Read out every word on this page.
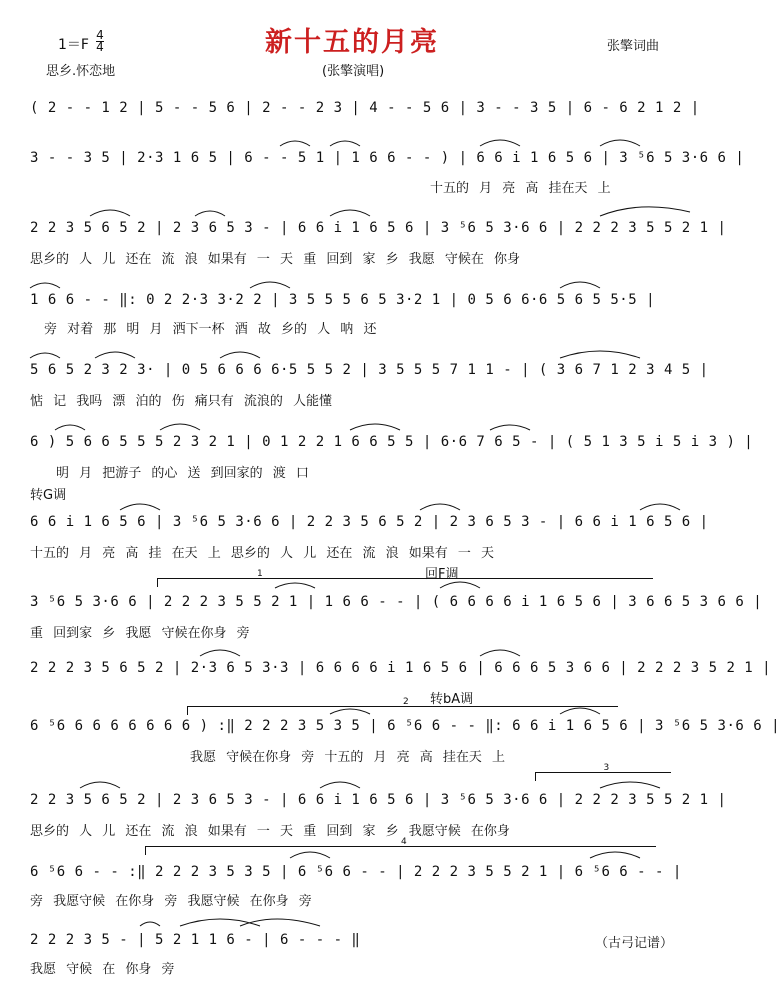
1＝F
4
4	新十五的月亮	张擎词曲
思乡.怀恋地	(张擎演唱)
( 2 - - 1 2 | 5 - - 5 6 | 2 - - 2 3 | 4 - - 5 6 | 3 - - 3 5 | 6 - 6 2 1 2 |
3 - - 3 5 | 2·3 1 6 5 | 6 - - 5 1 | 1 6 6 - - ) | 6 6 i 1 6 5 6 | 3 ⁵6 5 3·6 6 |
十五的 月 亮 高 挂在天 上
2 2 3 5 6 5 2 | 2 3 6 5 3 - | 6 6 i 1 6 5 6 | 3 ⁵6 5 3·6 6 | 2 2 2 3 5 5 2 1 |
思乡的 人 儿 还在 流 浪 如果有 一 天 重 回到 家 乡 我愿 守候在 你身
1 6 6 - - ‖: 0 2 2·3 3·2 2 | 3 5 5 5 6 5 3·2 1 | 0 5 6 6·6 5 6 5 5·5 |
旁 对着 那 明 月 洒下一杯 酒 故 乡的 人 呐 还
5 6 5 2 3 2 3· | 0 5 6 6 6 6·5 5 5 2 | 3 5 5 5 7 1 1 - | ( 3 6 7 1 2 3 4 5 |
惦 记 我吗 漂 泊的 伤 痛只有 流浪的 人能懂
6 ) 5 6 6 5 5 5 2 3 2 1 | 0 1 2 2 1 6 6 5 5 | 6·6 7 6 5 - | ( 5 1 3 5 i 5 i 3 ) |
明 月 把游子 的心 送 到回家的 渡 口
转G调
6 6 i 1 6 5 6 | 3 ⁵6 5 3·6 6 | 2 2 3 5 6 5 2 | 2 3 6 5 3 - | 6 6 i 1 6 5 6 |
十五的 月 亮 高 挂 在天 上 思乡的 人 儿 还在 流 浪 如果有 一 天
1	回F调
3 ⁵6 5 3·6 6 | 2 2 2 3 5 5 2 1 | 1 6 6 - - | ( 6 6 6 6 i 1 6 5 6 | 3 6 6 5 3 6 6 |
重 回到家 乡 我愿 守候在你身 旁
2 2 2 3 5 6 5 2 | 2·3 6 5 3·3 | 6 6 6 6 i 1 6 5 6 | 6 6 6 5 3 6 6 | 2 2 2 3 5 2 1 |
转bA调
2
6 ⁵6 6 6 6 6 6 6 6 ) :‖ 2 2 2 3 5 3 5 | 6 ⁵6 6 - - ‖: 6 6 i 1 6 5 6 | 3 ⁵6 5 3·6 6 |
我愿 守候在你身 旁 十五的 月 亮 高 挂在天 上
3
2 2 3 5 6 5 2 | 2 3 6 5 3 - | 6 6 i 1 6 5 6 | 3 ⁵6 5 3·6 6 | 2 2 2 3 5 5 2 1 |
思乡的 人 儿 还在 流 浪 如果有 一 天 重 回到 家 乡 我愿守候 在你身
4
6 ⁵6 6 - - :‖ 2 2 2 3 5 3 5 | 6 ⁵6 6 - - | 2 2 2 3 5 5 2 1 | 6 ⁵6 6 - - |
旁 我愿守候 在你身 旁 我愿守候 在你身 旁
2 2 2 3 5 - | 5 2 1 1 6 - | 6 - - - ‖
我愿 守候 在 你身 旁
（古弓记谱）
